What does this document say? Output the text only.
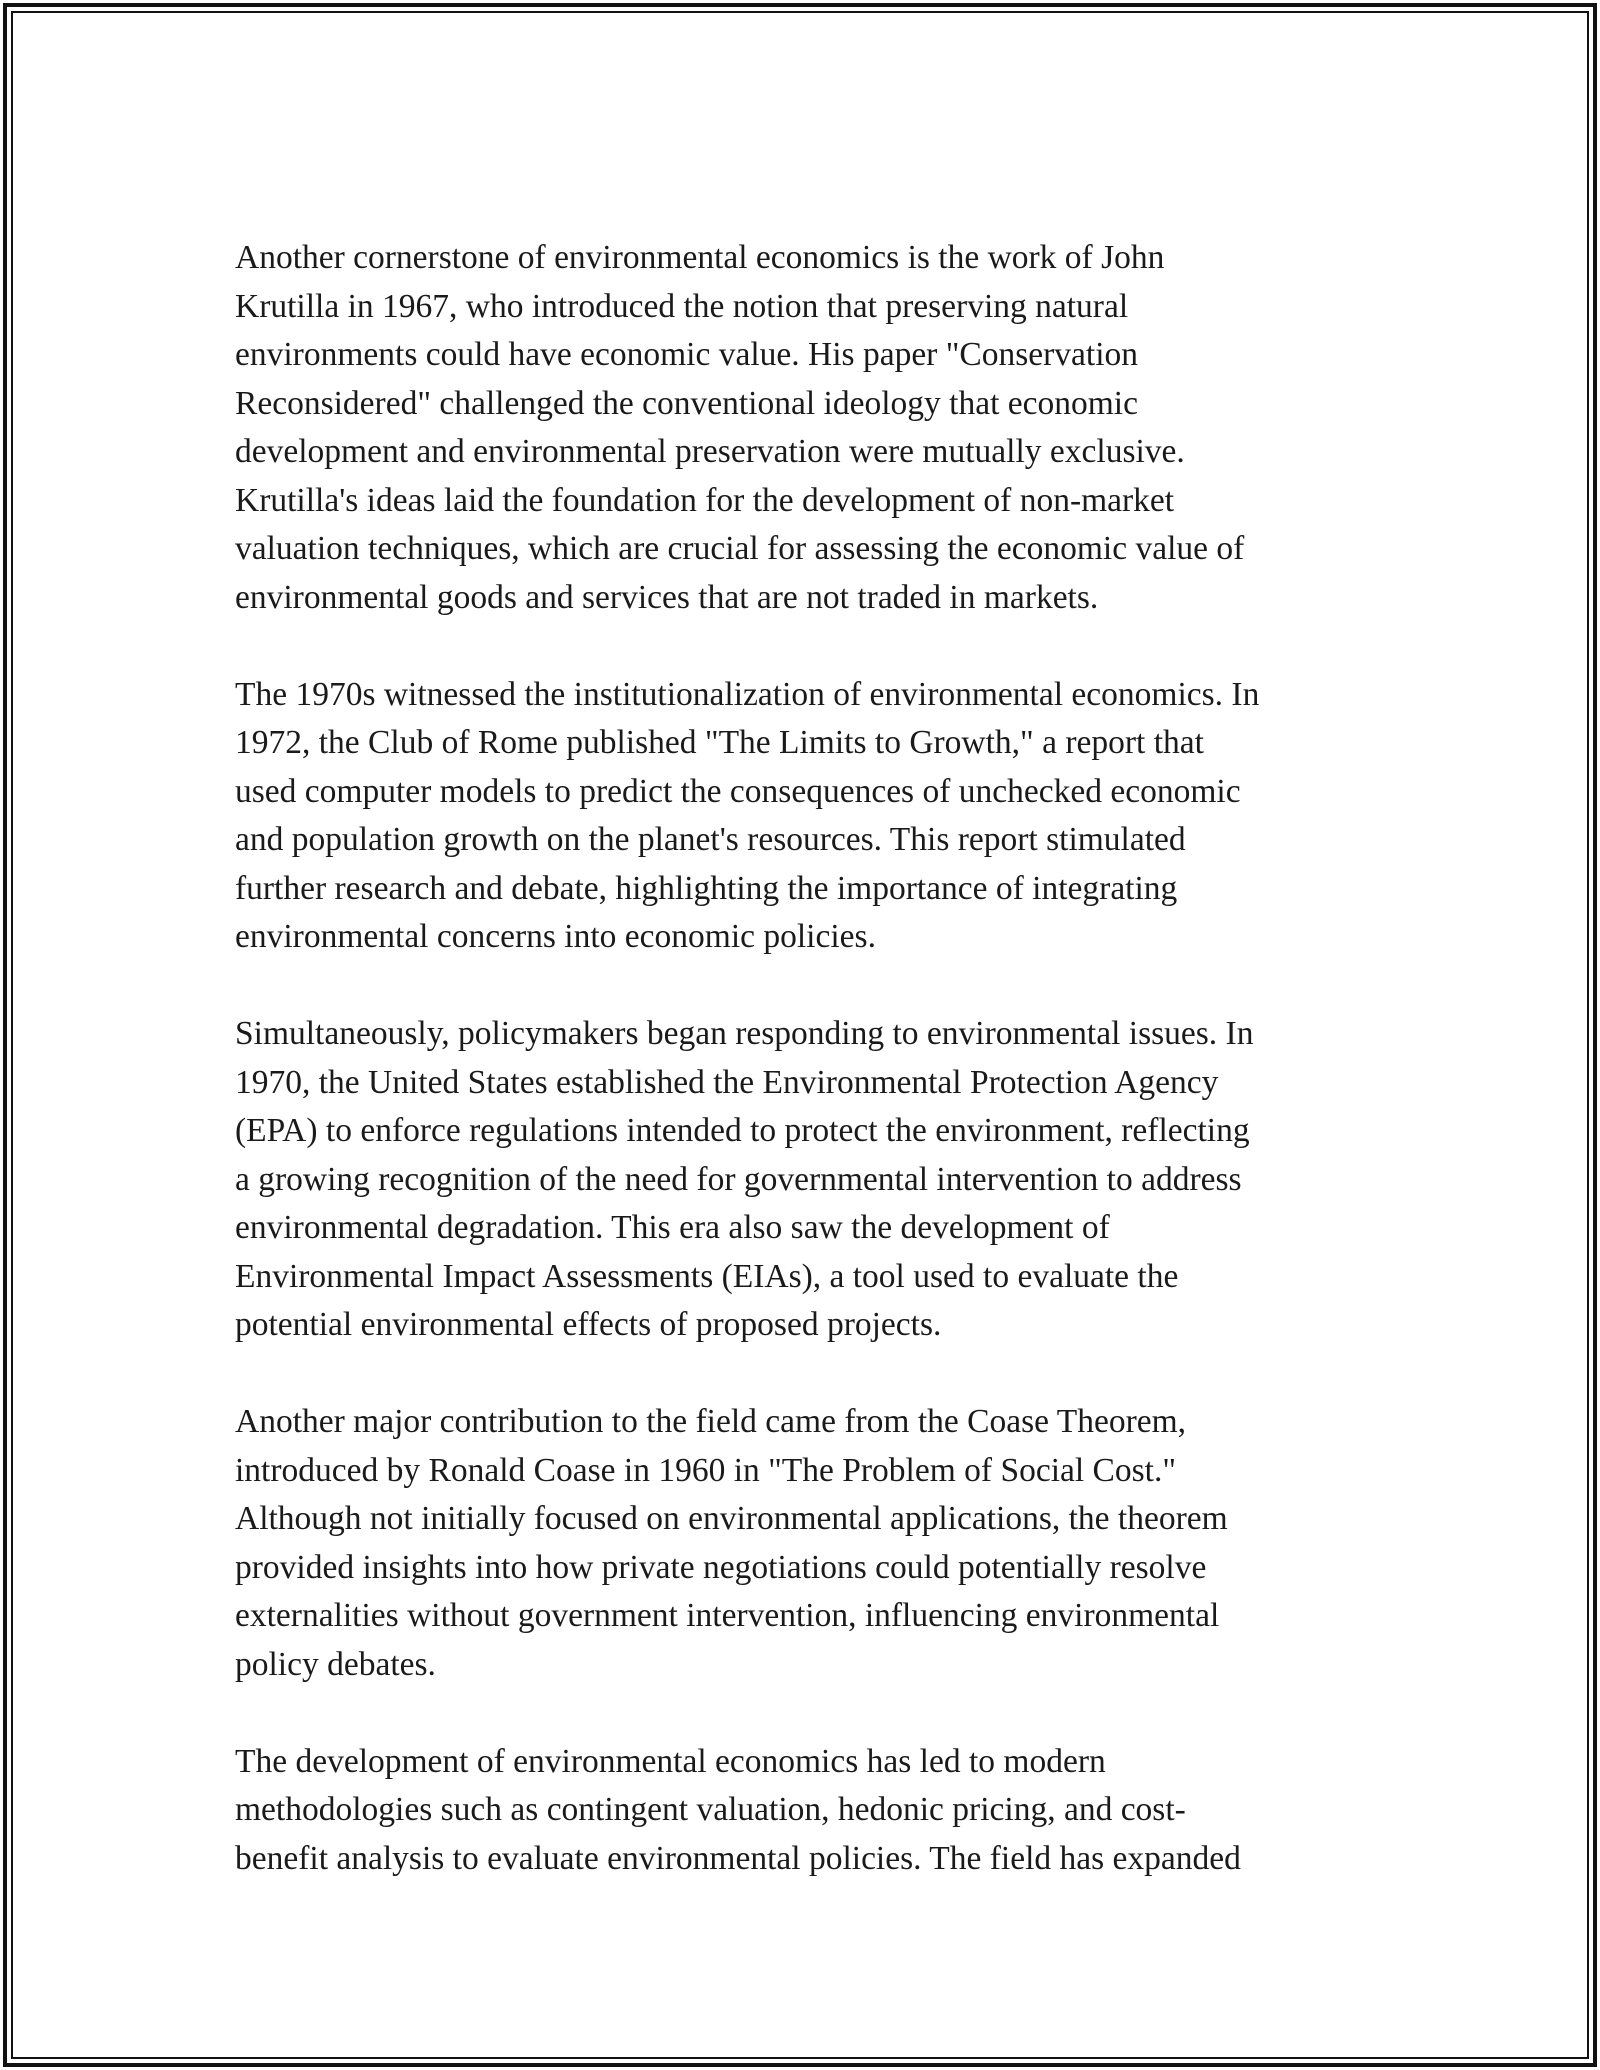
Another cornerstone of environmental economics is the work of John
Krutilla in 1967, who introduced the notion that preserving natural
environments could have economic value. His paper "Conservation
Reconsidered" challenged the conventional ideology that economic
development and environmental preservation were mutually exclusive.
Krutilla's ideas laid the foundation for the development of non-market
valuation techniques, which are crucial for assessing the economic value of
environmental goods and services that are not traded in markets.

The 1970s witnessed the institutionalization of environmental economics. In
1972, the Club of Rome published "The Limits to Growth," a report that
used computer models to predict the consequences of unchecked economic
and population growth on the planet's resources. This report stimulated
further research and debate, highlighting the importance of integrating
environmental concerns into economic policies.

Simultaneously, policymakers began responding to environmental issues. In
1970, the United States established the Environmental Protection Agency
(EPA) to enforce regulations intended to protect the environment, reflecting
a growing recognition of the need for governmental intervention to address
environmental degradation. This era also saw the development of
Environmental Impact Assessments (EIAs), a tool used to evaluate the
potential environmental effects of proposed projects.

Another major contribution to the field came from the Coase Theorem,
introduced by Ronald Coase in 1960 in "The Problem of Social Cost."
Although not initially focused on environmental applications, the theorem
provided insights into how private negotiations could potentially resolve
externalities without government intervention, influencing environmental
policy debates.

The development of environmental economics has led to modern
methodologies such as contingent valuation, hedonic pricing, and cost-
benefit analysis to evaluate environmental policies. The field has expanded
